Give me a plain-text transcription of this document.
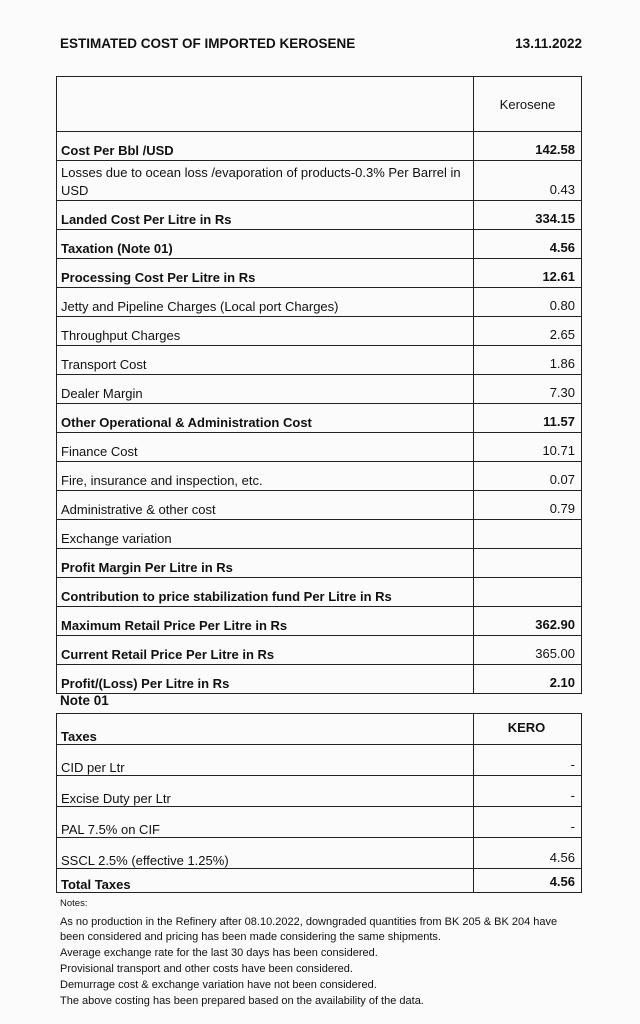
ESTIMATED COST OF IMPORTED KEROSENE	13.11.2022
	Kerosene
Cost Per Bbl /USD	142.58
Losses due to ocean loss /evaporation of products-0.3% Per Barrel in USD	0.43
Landed Cost Per Litre in Rs	334.15
Taxation (Note 01)	4.56
Processing Cost Per Litre in Rs	12.61
Jetty and Pipeline Charges (Local port Charges)	0.80
Throughput Charges	2.65
Transport Cost	1.86
Dealer Margin	7.30
Other Operational & Administration Cost	11.57
Finance Cost	10.71
Fire, insurance and inspection, etc.	0.07
Administrative & other cost	0.79
Exchange variation	
Profit Margin Per Litre in Rs	
Contribution to price stabilization fund Per Litre in Rs	
Maximum Retail Price Per Litre in Rs	362.90
Current Retail Price Per Litre in Rs	365.00
Profit/(Loss) Per Litre in Rs	2.10
Note 01
Taxes	KERO
CID per Ltr	-
Excise Duty per Ltr	-
PAL 7.5% on CIF	-
SSCL 2.5% (effective 1.25%)	4.56
Total Taxes	4.56
Notes:
As no production in the Refinery after 08.10.2022, downgraded quantities from BK 205 & BK 204 have been considered and pricing has been made considering the same shipments.
Average exchange rate for the last 30 days has been considered.
Provisional transport and other costs have been considered.
Demurrage cost & exchange variation have not been considered.
The above costing has been prepared based on the availability of the data.
